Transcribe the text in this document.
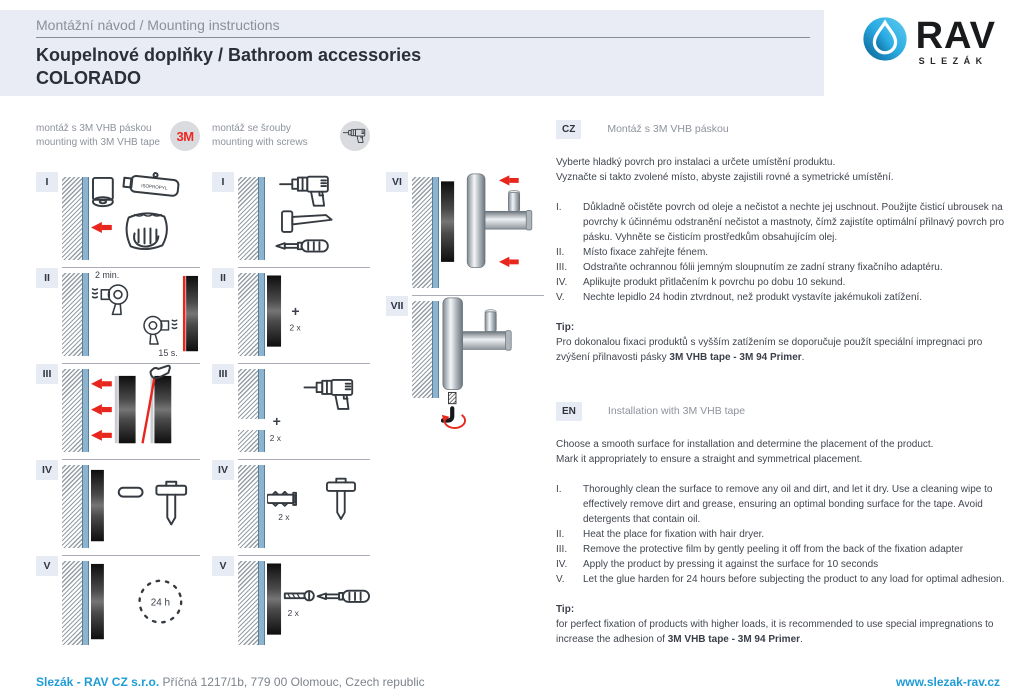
Montážní návod / Mounting instructions
Koupelnové doplňky / Bathroom accessories
COLORADO
RAV
SLEZÁK
montáž s 3M VHB páskou
mounting with 3M VHB tape 3M
I	ISOPROPYL
II	2 min.
15 s.
III
IV
V
24 h
montáž se šrouby
mounting with screws
I
II
+
2 x
III
+
2 x
IV
2 x
V
2 x
VI
VII
CZ	Montáž s 3M VHB páskou

Vyberte hladký povrch pro instalaci a určete umístění produktu.
Vyznačte si takto zvolené místo, abyste zajistili rovné a symetrické umístění.

I.	Důkladně očistěte povrch od oleje a nečistot a nechte jej uschnout. Použijte čisticí ubrousek na povrchy k účinnému odstranění nečistot a mastnoty, čímž zajistíte optimální přilnavý povrch pro pásku. Vyhněte se čisticím prostředkům obsahujícím olej.
II.	Místo fixace zahřejte fénem.
III.	Odstraňte ochrannou fólii jemným sloupnutím ze zadní strany fixačního adaptéru.
IV.	Aplikujte produkt přitlačením k povrchu po dobu 10 sekund.
V.	Nechte lepidlo 24 hodin ztvrdnout, než produkt vystavíte jakémukoli zatížení.

Tip:
Pro dokonalou fixaci produktů s vyšším zatížením se doporučuje použít speciální impregnaci pro zvýšení přilnavosti pásky 3M VHB tape - 3M 94 Primer.

EN	Installation with 3M VHB tape

Choose a smooth surface for installation and determine the placement of the product.
Mark it appropriately to ensure a straight and symmetrical placement.

I.	Thoroughly clean the surface to remove any oil and dirt, and let it dry. Use a cleaning wipe to effectively remove dirt and grease, ensuring an optimal bonding surface for the tape. Avoid detergents that contain oil.
II.	Heat the place for fixation with hair dryer.
III.	Remove the protective film by gently peeling it off from the back of the fixation adapter
IV.	Apply the product by pressing it against the surface for 10 seconds
V.	Let the glue harden for 24 hours before subjecting the product to any load for optimal adhesion.

Tip:
for perfect fixation of products with higher loads, it is recommended to use special impregnations to increase the adhesion of 3M VHB tape - 3M 94 Primer.

Slezák - RAV CZ s.r.o. Příčná 1217/1b, 779 00 Olomouc, Czech republic	www.slezak-rav.cz
